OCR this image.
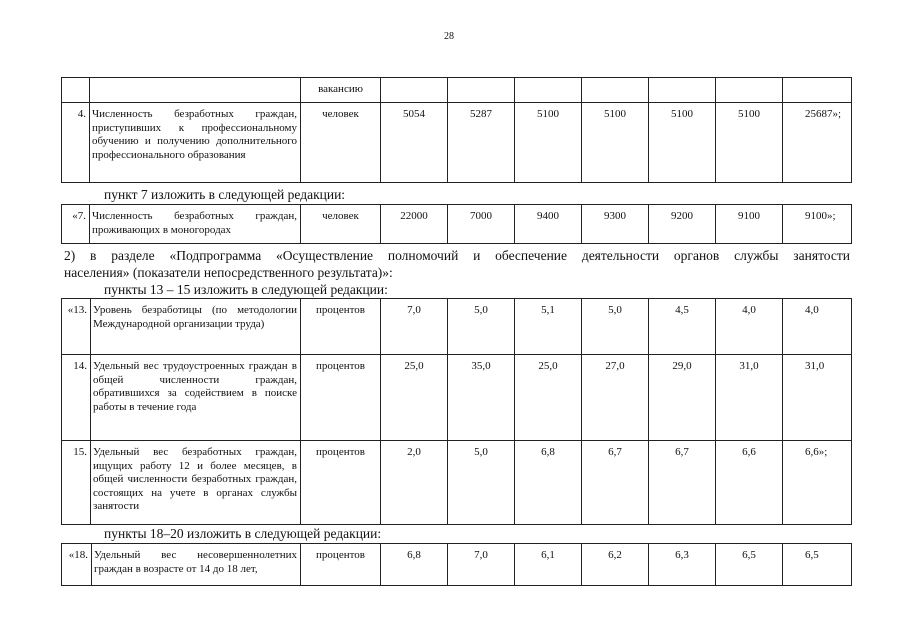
28
		вакансию							
4.	Численность безработных граждан, приступивших к профессиональному обучению и получению дополнительного профессионального образования	человек	5054	5287	5100	5100	5100	5100	25687»;
пункт 7 изложить в следующей редакции:
«7.	Численность безработных граждан, проживающих в моногородах	человек	22000	7000	9400	9300	9200	9100	9100»;
2) в разделе «Подпрограмма «Осуществление полномочий и обеспечение деятельности органов службы занятости
населения» (показатели непосредственного результата)»:
пункты 13 – 15 изложить в следующей редакции:
«13.	Уровень безработицы (по методологии Международной организации труда)	процентов	7,0	5,0	5,1	5,0	4,5	4,0	4,0
14.	Удельный вес трудоустроенных граждан в общей численности граждан, обратившихся за содействием в поиске работы в течение года	процентов	25,0	35,0	25,0	27,0	29,0	31,0	31,0
15.	Удельный вес безработных граждан, ищущих работу 12 и более месяцев, в общей численности безработных граждан, состоящих на учете в органах службы занятости	процентов	2,0	5,0	6,8	6,7	6,7	6,6	6,6»;
пункты 18–20 изложить в следующей редакции:
«18.	Удельный вес несовершеннолетних граждан в возрасте от 14 до 18 лет,	процентов	6,8	7,0	6,1	6,2	6,3	6,5	6,5
